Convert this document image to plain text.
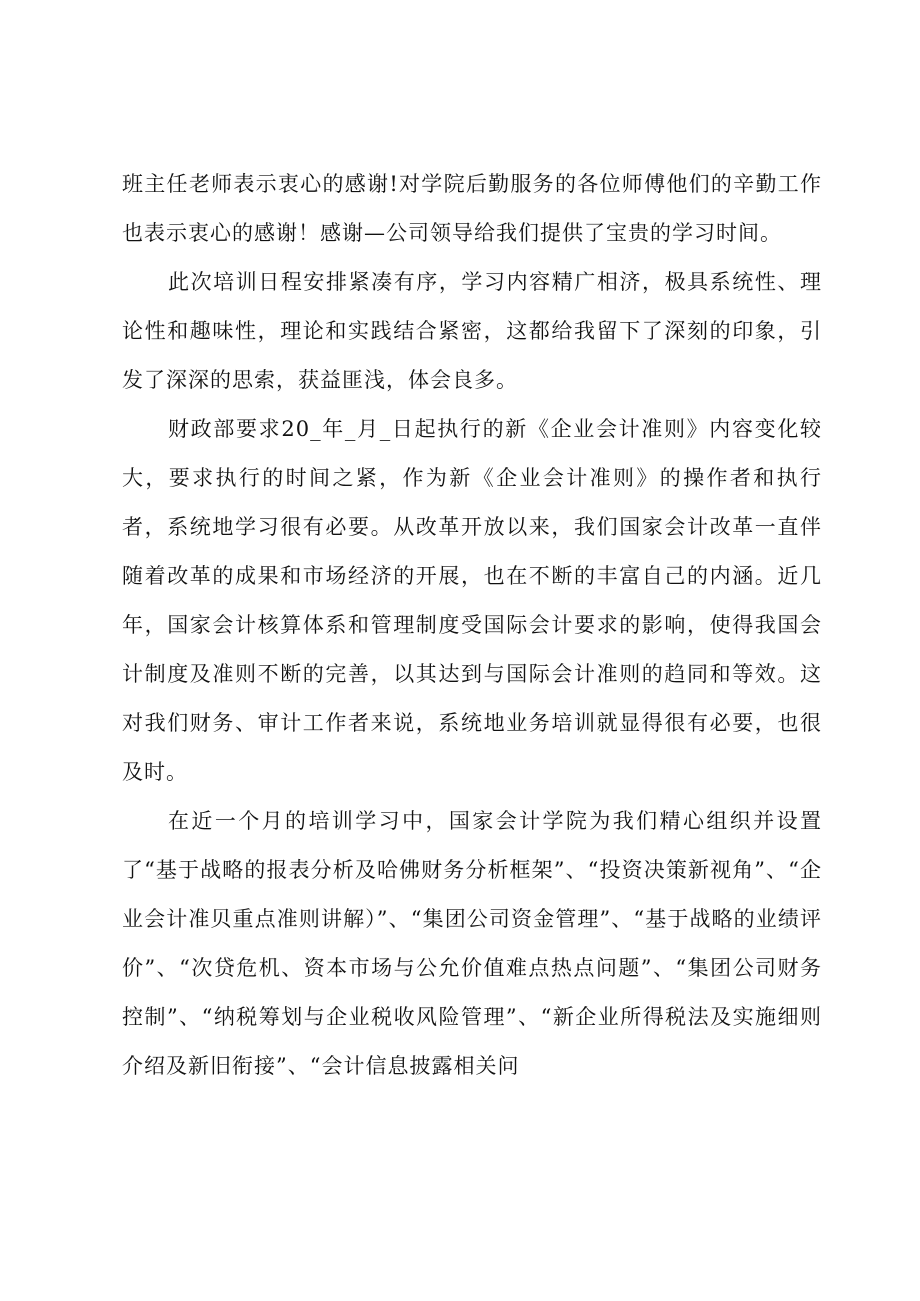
班主任老师表示衷心的感谢!对学院后勤服务的各位师傅他们的辛勤工作也表示衷心的感谢！感谢—公司领导给我们提供了宝贵的学习时间。

此次培训日程安排紧凑有序，学习内容精广相济，极具系统性、理论性和趣味性，理论和实践结合紧密，这都给我留下了深刻的印象，引发了深深的思索，获益匪浅，体会良多。

财政部要求20_年_月_日起执行的新《企业会计准则》内容变化较大，要求执行的时间之紧，作为新《企业会计准则》的操作者和执行者，系统地学习很有必要。从改革开放以来，我们国家会计改革一直伴随着改革的成果和市场经济的开展，也在不断的丰富自己的内涵。近几年，国家会计核算体系和管理制度受国际会计要求的影响，使得我国会计制度及准则不断的完善，以其达到与国际会计准则的趋同和等效。这对我们财务、审计工作者来说，系统地业务培训就显得很有必要，也很及时。

在近一个月的培训学习中，国家会计学院为我们精心组织并设置了“基于战略的报表分析及哈佛财务分析框架”、“投资决策新视角”、“企业会计准贝重点准则讲解）”、“集团公司资金管理”、“基于战略的业绩评价”、“次贷危机、资本市场与公允价值难点热点问题”、“集团公司财务控制”、“纳税筹划与企业税收风险管理”、“新企业所得税法及实施细则介绍及新旧衔接”、“会计信息披露相关问
